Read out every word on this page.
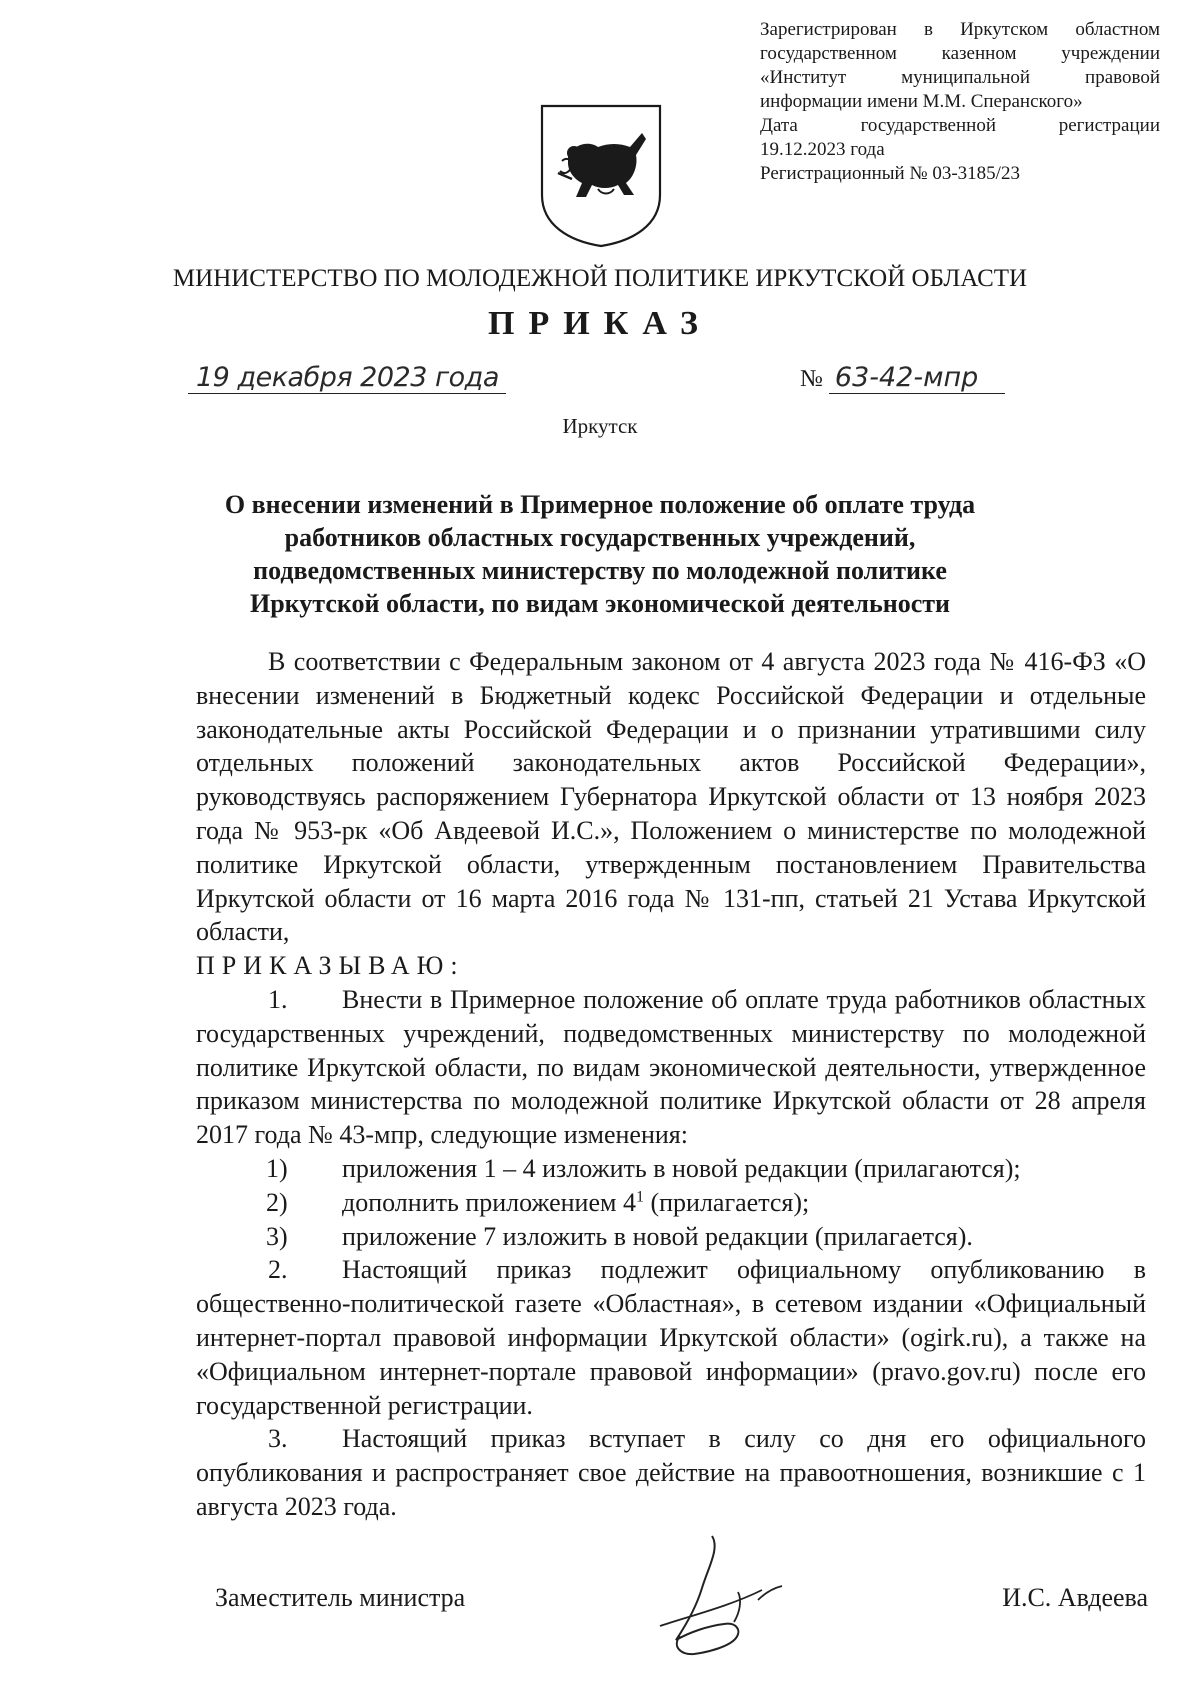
Зарегистрирован в Иркутском областном
государственном казенном учреждении
«Институт муниципальной правовой
информации имени М.М. Сперанского»
Дата государственной регистрации
19.12.2023 года
Регистрационный № 03-3185/23
МИНИСТЕРСТВО ПО МОЛОДЕЖНОЙ ПОЛИТИКЕ ИРКУТСКОЙ ОБЛАСТИ
ПРИКАЗ
19 декабря 2023 года	№ 63-42-мпр
Иркутск
О внесении изменений в Примерное положение об оплате труда работников областных государственных учреждений, подведомственных министерству по молодежной политике Иркутской области, по видам экономической деятельности

В соответствии с Федеральным законом от 4 августа 2023 года № 416-ФЗ «О внесении изменений в Бюджетный кодекс Российской Федерации и отдельные законодательные акты Российской Федерации и о признании утратившими силу отдельных положений законодательных актов Российской Федерации», руководствуясь распоряжением Губернатора Иркутской области от 13 ноября 2023 года № 953-рк «Об Авдеевой И.С.», Положением о министерстве по молодежной политике Иркутской области, утвержденным постановлением Правительства Иркутской области от 16 марта 2016 года № 131-пп, статьей 21 Устава Иркутской области,

ПРИКАЗЫВАЮ:

1. Внести в Примерное положение об оплате труда работников областных государственных учреждений, подведомственных министерству по молодежной политике Иркутской области, по видам экономической деятельности, утвержденное приказом министерства по молодежной политике Иркутской области от 28 апреля 2017 года № 43-мпр, следующие изменения:
1)	приложения 1 – 4 изложить в новой редакции (прилагаются);
2)	дополнить приложением $4^1$ (прилагается);
3)	приложение 7 изложить в новой редакции (прилагается).
2. Настоящий приказ подлежит официальному опубликованию в общественно-политической газете «Областная», в сетевом издании «Официальный интернет-портал правовой информации Иркутской области» (ogirk.ru), а также на «Официальном интернет-портале правовой информации» (pravo.gov.ru) после его государственной регистрации.
3. Настоящий приказ вступает в силу со дня его официального опубликования и распространяет свое действие на правоотношения, возникшие с 1 августа 2023 года.
Заместитель министра	И.С. Авдеева
